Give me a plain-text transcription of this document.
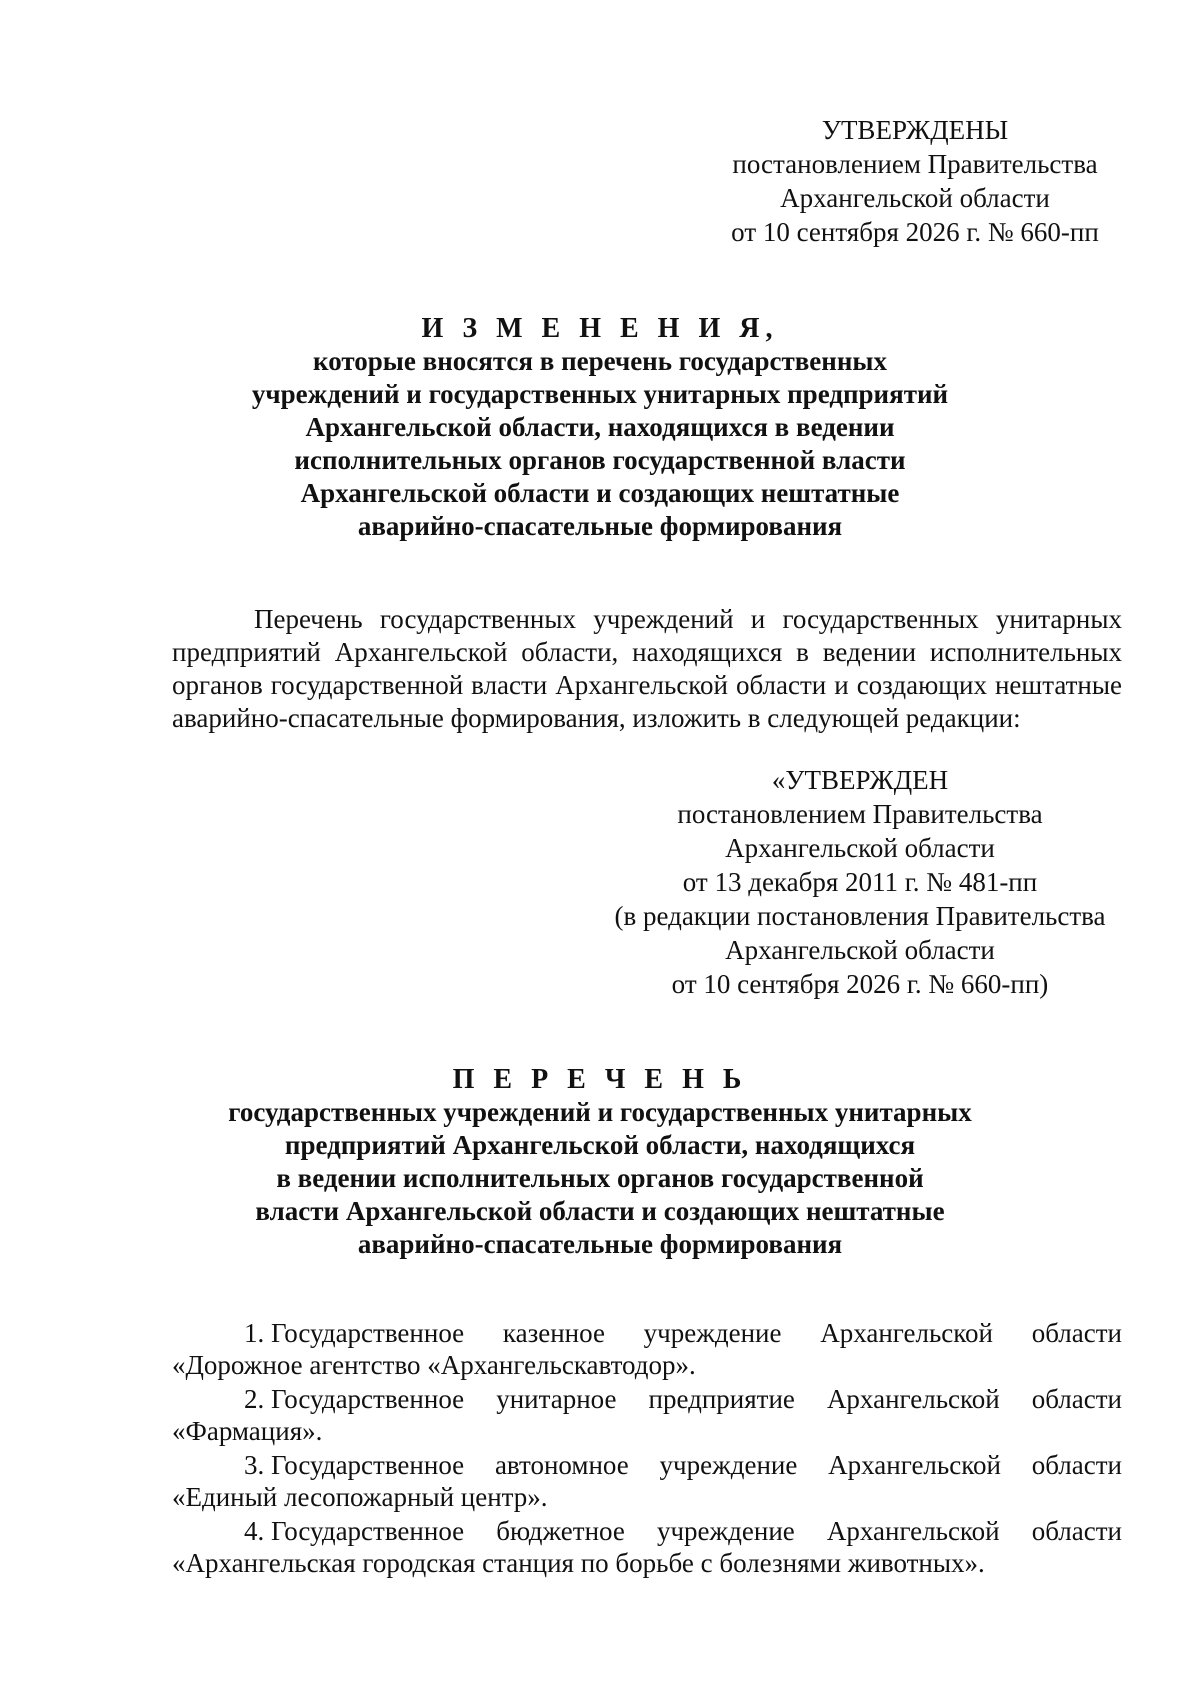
УТВЕРЖДЕНЫ
постановлением Правительства
Архангельской области
от 10 сентября 2026 г. № 660-пп
И З М Е Н Е Н И Я,
которые вносятся в перечень государственных
учреждений и государственных унитарных предприятий
Архангельской области, находящихся в ведении
исполнительных органов государственной власти
Архангельской области и создающих нештатные
аварийно-спасательные формирования
Перечень государственных учреждений и государственных унитарных предприятий Архангельской области, находящихся в ведении исполнительных органов государственной власти Архангельской области и создающих нештатные аварийно-спасательные формирования, изложить в следующей редакции:
«УТВЕРЖДЕН
постановлением Правительства
Архангельской области
от 13 декабря 2011 г. № 481-пп
(в редакции постановления Правительства
Архангельской области
от 10 сентября 2026 г. № 660-пп)
П Е Р Е Ч Е Н Ь
государственных учреждений и государственных унитарных
предприятий Архангельской области, находящихся
в ведении исполнительных органов государственной
власти Архангельской области и создающих нештатные
аварийно-спасательные формирования
1. Государственное казенное учреждение Архангельской области
«Дорожное агентство «Архангельскавтодор».
2. Государственное унитарное предприятие Архангельской области
«Фармация».
3. Государственное автономное учреждение Архангельской области
«Единый лесопожарный центр».
4. Государственное бюджетное учреждение Архангельской области
«Архангельская городская станция по борьбе с болезнями животных».
